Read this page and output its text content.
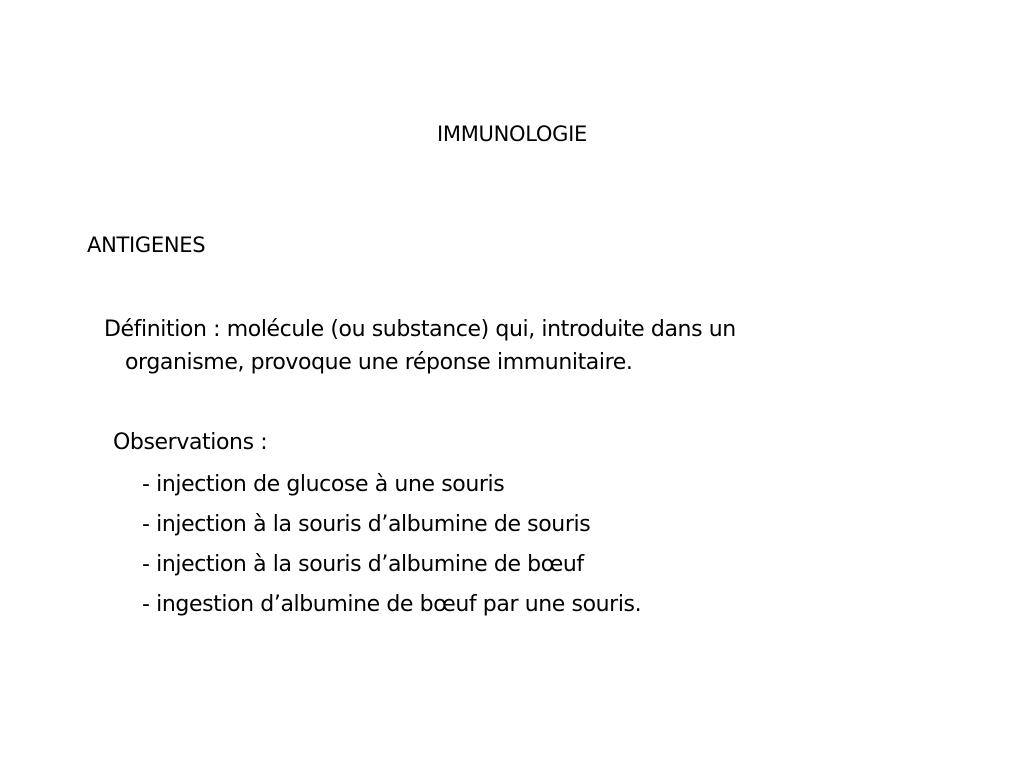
IMMUNOLOGIE
ANTIGENES
Définition : molécule (ou substance) qui, introduite dans un
organisme, provoque une réponse immunitaire.
Observations :
- injection de glucose à une souris
- injection à la souris d’albumine de souris
- injection à la souris d’albumine de bœuf
- ingestion d’albumine de bœuf par une souris.
